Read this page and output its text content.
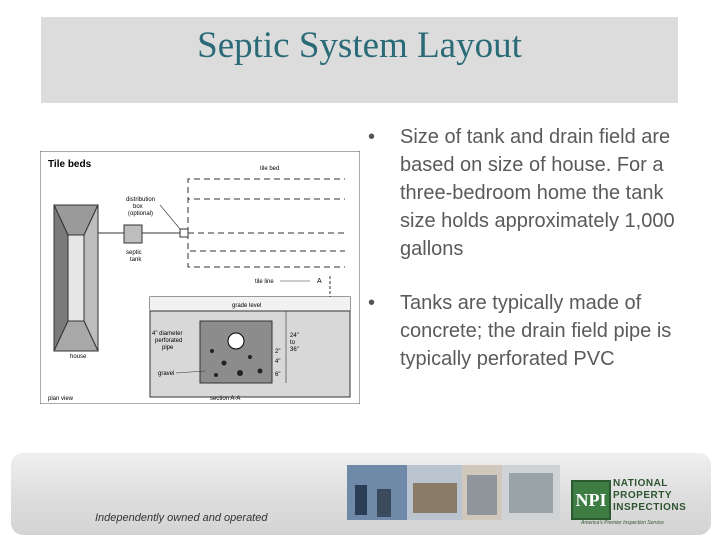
Septic System Layout
Tile beds
house
plan view
distribution
box
(optional)
septic
tank
tile bed
tile line	A
grade level
4" diameter
perforated
pipe
gravel
24"
to
36"
2"
4"
6"
section A-A
•	Size of tank and drain field are based on size of house. For a three-bedroom home the tank size holds approximately 1,000 gallons
•	Tanks are typically made of concrete; the drain field pipe is typically perforated PVC
Independently owned and operated
NPI
NATIONAL
PROPERTY
INSPECTIONS
America's Premier Inspection Service
